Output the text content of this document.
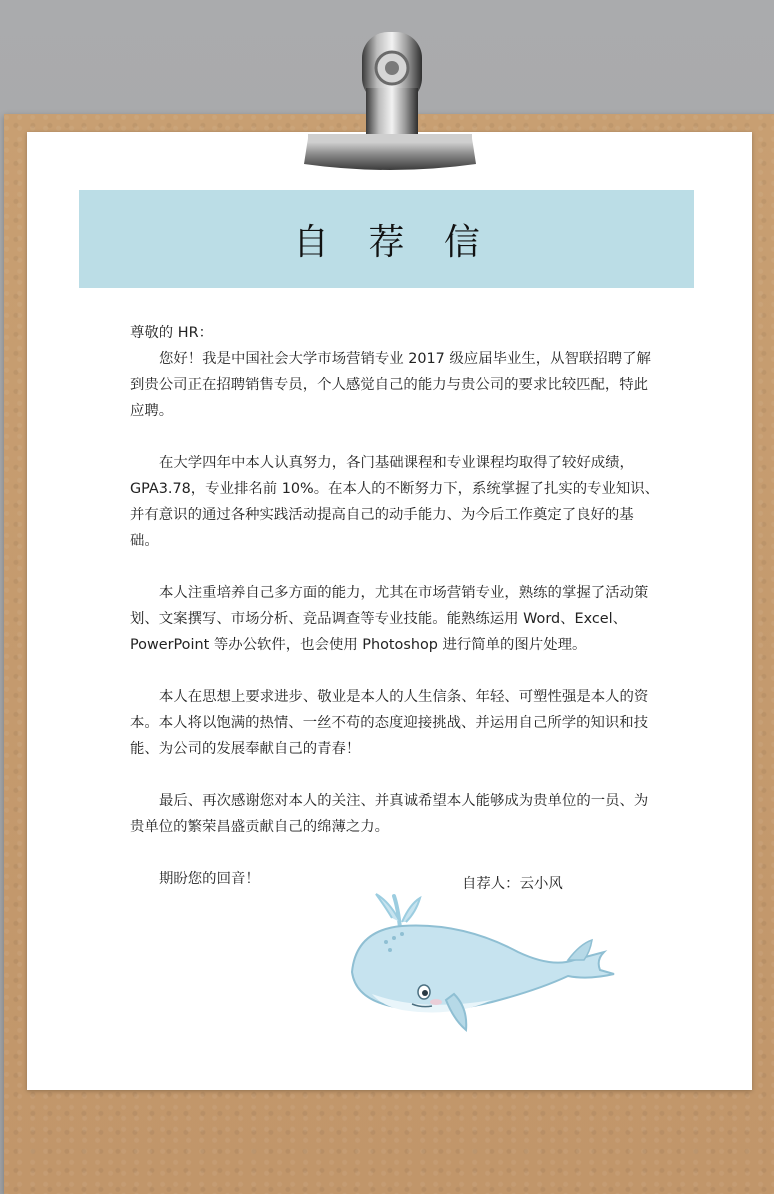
自 荐 信

尊敬的 HR：

您好！我是中国社会大学市场营销专业 2017 级应届毕业生，从智联招聘了解到贵公司正在招聘销售专员，个人感觉自己的能力与贵公司的要求比较匹配，特此应聘。

在大学四年中本人认真努力，各门基础课程和专业课程均取得了较好成绩，GPA3.78，专业排名前 10%。在本人的不断努力下，系统掌握了扎实的专业知识、并有意识的通过各种实践活动提高自己的动手能力、为今后工作奠定了良好的基础。

本人注重培养自己多方面的能力，尤其在市场营销专业，熟练的掌握了活动策划、文案撰写、市场分析、竞品调查等专业技能。能熟练运用 Word、Excel、PowerPoint 等办公软件，也会使用 Photoshop 进行简单的图片处理。

本人在思想上要求进步、敬业是本人的人生信条、年轻、可塑性强是本人的资本。本人将以饱满的热情、一丝不苟的态度迎接挑战、并运用自己所学的知识和技能、为公司的发展奉献自己的青春！

最后、再次感谢您对本人的关注、并真诚希望本人能够成为贵单位的一员、为贵单位的繁荣昌盛贡献自己的绵薄之力。

期盼您的回音！	自荐人：云小风
